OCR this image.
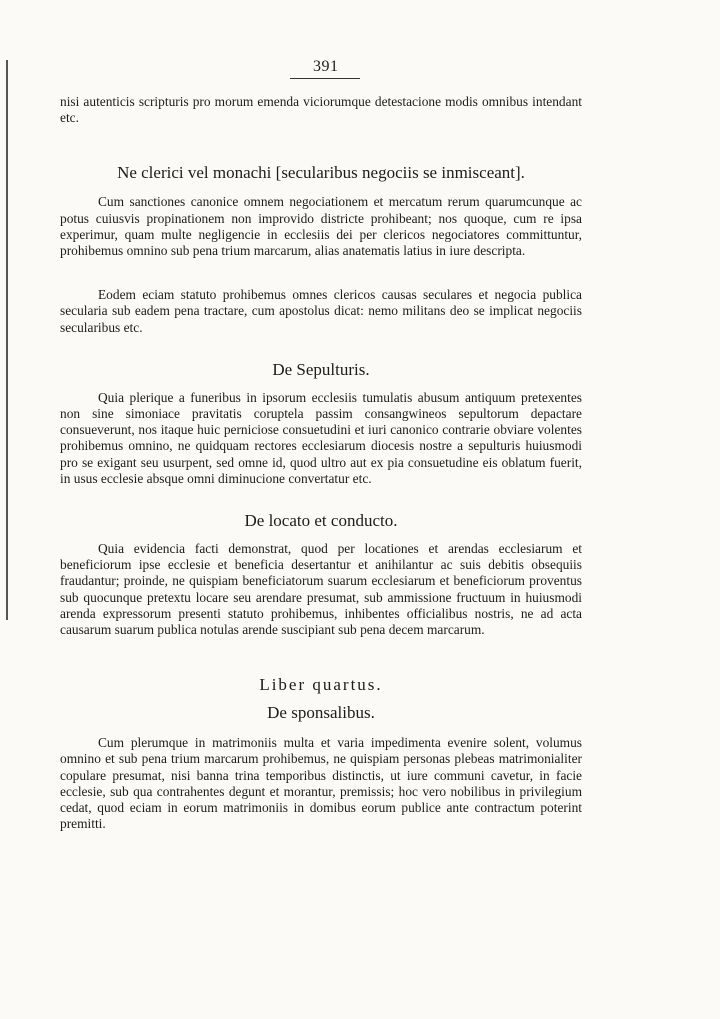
391

nisi autenticis scripturis pro morum emenda viciorumque detestacione modis omnibus intendant etc.

Ne clerici vel monachi [secularibus negociis se inmisceant].

Cum sanctiones canonice omnem negociationem et mercatum rerum quarumcunque ac potus cuiusvis propinationem non improvido districte prohibeant; nos quoque, cum re ipsa experimur, quam multe negligencie in ecclesiis dei per clericos negociatores committuntur, prohibemus omnino sub pena trium marcarum, alias anatematis latius in iure descripta.

Eodem eciam statuto prohibemus omnes clericos causas seculares et negocia publica secularia sub eadem pena tractare, cum apostolus dicat: nemo militans deo se implicat negociis secularibus etc.

De Sepulturis.

Quia plerique a funeribus in ipsorum ecclesiis tumulatis abusum antiquum pretexentes non sine simoniace pravitatis coruptela passim consangwineos sepultorum depactare consueverunt, nos itaque huic perniciose consuetudini et iuri canonico contrarie obviare volentes prohibemus omnino, ne quidquam rectores ecclesiarum diocesis nostre a sepulturis huiusmodi pro se exigant seu usurpent, sed omne id, quod ultro aut ex pia consuetudine eis oblatum fuerit, in usus ecclesie absque omni diminucione convertatur etc.

De locato et conducto.

Quia evidencia facti demonstrat, quod per locationes et arendas ecclesiarum et beneficiorum ipse ecclesie et beneficia desertantur et anihilantur ac suis debitis obsequiis fraudantur; proinde, ne quispiam beneficiatorum suarum ecclesiarum et beneficiorum proventus sub quocunque pretextu locare seu arendare presumat, sub ammissione fructuum in huiusmodi arenda expressorum presenti statuto prohibemus, inhibentes officialibus nostris, ne ad acta causarum suarum publica notulas arende suscipiant sub pena decem marcarum.

Liber quartus.
De sponsalibus.

Cum plerumque in matrimoniis multa et varia impedimenta evenire solent, volumus omnino et sub pena trium marcarum prohibemus, ne quispiam personas plebeas matrimonialiter copulare presumat, nisi banna trina temporibus distinctis, ut iure communi cavetur, in facie ecclesie, sub qua contrahentes degunt et morantur, premissis; hoc vero nobilibus in privilegium cedat, quod eciam in eorum matrimoniis in domibus eorum publice ante contractum poterint premitti.
